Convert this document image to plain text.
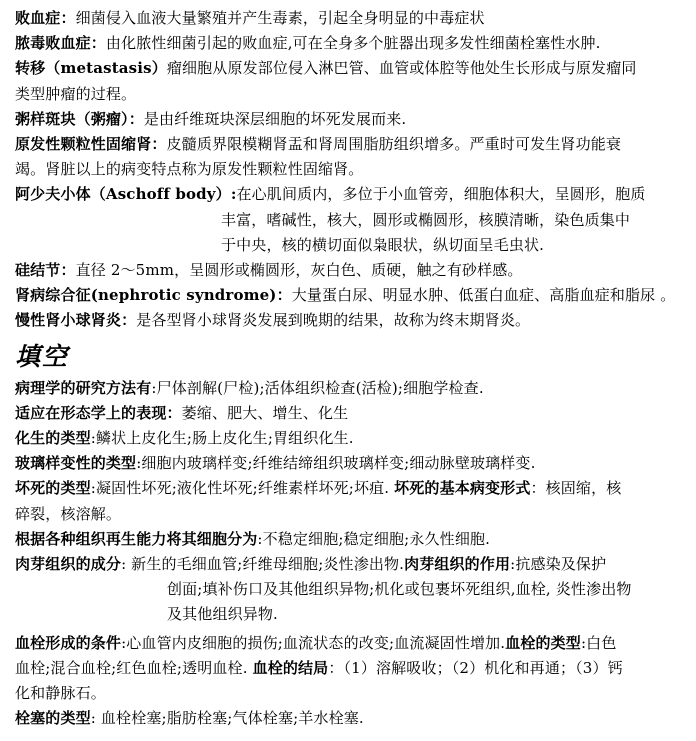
败血症：细菌侵入血液大量繁殖并产生毒素，引起全身明显的中毒症状

脓毒败血症：由化脓性细菌引起的败血症,可在全身多个脏器出现多发性细菌栓塞性水肿.

转移（metastasis）瘤细胞从原发部位侵入淋巴管、血管或体腔等他处生长形成与原发瘤同

类型肿瘤的过程。

粥样斑块（粥瘤）：是由纤维斑块深层细胞的坏死发展而来.

原发性颗粒性固缩肾：皮髓质界限模糊肾盂和肾周围脂肪组织增多。严重时可发生肾功能衰

竭。肾脏以上的病变特点称为原发性颗粒性固缩肾。

阿少夫小体（Aschoff body）:在心肌间质内，多位于小血管旁，细胞体积大，呈圆形，胞质

丰富，嗜碱性，核大，圆形或椭圆形，核膜清晰，染色质集中

于中央，核的横切面似枭眼状，纵切面呈毛虫状.

硅结节：直径 2～5mm，呈圆形或椭圆形，灰白色、质硬，触之有砂样感。

肾病综合征(nephrotic syndrome)：大量蛋白尿、明显水肿、低蛋白血症、高脂血症和脂尿 。

慢性肾小球肾炎：是各型肾小球肾炎发展到晚期的结果，故称为终末期肾炎。

填空

病理学的研究方法有:尸体剖解(尸检);活体组织检查(活检);细胞学检查.

适应在形态学上的表现：萎缩、肥大、增生、化生

化生的类型:鳞状上皮化生;肠上皮化生;胃组织化生.

玻璃样变性的类型:细胞内玻璃样变;纤维结缔组织玻璃样变;细动脉壁玻璃样变.

坏死的类型:凝固性坏死;液化性坏死;纤维素样坏死;坏疽. 坏死的基本病变形式：核固缩，核

碎裂，核溶解。

根据各种组织再生能力将其细胞分为:不稳定细胞;稳定细胞;永久性细胞.

肉芽组织的成分: 新生的毛细血管;纤维母细胞;炎性渗出物.肉芽组织的作用:抗感染及保护

创面;填补伤口及其他组织异物;机化或包裹坏死组织,血栓, 炎性渗出物

及其他组织异物.

血栓形成的条件:心血管内皮细胞的损伤;血流状态的改变;血流凝固性增加.血栓的类型:白色

血栓;混合血栓;红色血栓;透明血栓. 血栓的结局：（1）溶解吸收；（2）机化和再通；（3）钙

化和静脉石。

栓塞的类型: 血栓栓塞;脂肪栓塞;气体栓塞;羊水栓塞.
